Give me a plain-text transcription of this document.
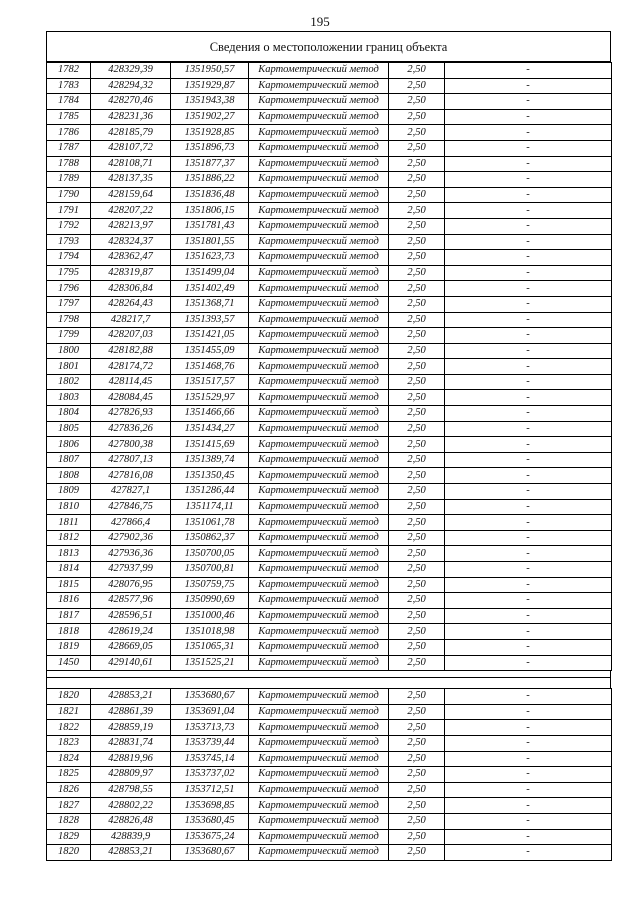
195
Сведения о местоположении границ объекта
1782	428329,39	1351950,57	Картометрический метод	2,50	-
1783	428294,32	1351929,87	Картометрический метод	2,50	-
1784	428270,46	1351943,38	Картометрический метод	2,50	-
1785	428231,36	1351902,27	Картометрический метод	2,50	-
1786	428185,79	1351928,85	Картометрический метод	2,50	-
1787	428107,72	1351896,73	Картометрический метод	2,50	-
1788	428108,71	1351877,37	Картометрический метод	2,50	-
1789	428137,35	1351886,22	Картометрический метод	2,50	-
1790	428159,64	1351836,48	Картометрический метод	2,50	-
1791	428207,22	1351806,15	Картометрический метод	2,50	-
1792	428213,97	1351781,43	Картометрический метод	2,50	-
1793	428324,37	1351801,55	Картометрический метод	2,50	-
1794	428362,47	1351623,73	Картометрический метод	2,50	-
1795	428319,87	1351499,04	Картометрический метод	2,50	-
1796	428306,84	1351402,49	Картометрический метод	2,50	-
1797	428264,43	1351368,71	Картометрический метод	2,50	-
1798	428217,7	1351393,57	Картометрический метод	2,50	-
1799	428207,03	1351421,05	Картометрический метод	2,50	-
1800	428182,88	1351455,09	Картометрический метод	2,50	-
1801	428174,72	1351468,76	Картометрический метод	2,50	-
1802	428114,45	1351517,57	Картометрический метод	2,50	-
1803	428084,45	1351529,97	Картометрический метод	2,50	-
1804	427826,93	1351466,66	Картометрический метод	2,50	-
1805	427836,26	1351434,27	Картометрический метод	2,50	-
1806	427800,38	1351415,69	Картометрический метод	2,50	-
1807	427807,13	1351389,74	Картометрический метод	2,50	-
1808	427816,08	1351350,45	Картометрический метод	2,50	-
1809	427827,1	1351286,44	Картометрический метод	2,50	-
1810	427846,75	1351174,11	Картометрический метод	2,50	-
1811	427866,4	1351061,78	Картометрический метод	2,50	-
1812	427902,36	1350862,37	Картометрический метод	2,50	-
1813	427936,36	1350700,05	Картометрический метод	2,50	-
1814	427937,99	1350700,81	Картометрический метод	2,50	-
1815	428076,95	1350759,75	Картометрический метод	2,50	-
1816	428577,96	1350990,69	Картометрический метод	2,50	-
1817	428596,51	1351000,46	Картометрический метод	2,50	-
1818	428619,24	1351018,98	Картометрический метод	2,50	-
1819	428669,05	1351065,31	Картометрический метод	2,50	-
1450	429140,61	1351525,21	Картометрический метод	2,50	-
1820	428853,21	1353680,67	Картометрический метод	2,50	-
1821	428861,39	1353691,04	Картометрический метод	2,50	-
1822	428859,19	1353713,73	Картометрический метод	2,50	-
1823	428831,74	1353739,44	Картометрический метод	2,50	-
1824	428819,96	1353745,14	Картометрический метод	2,50	-
1825	428809,97	1353737,02	Картометрический метод	2,50	-
1826	428798,55	1353712,51	Картометрический метод	2,50	-
1827	428802,22	1353698,85	Картометрический метод	2,50	-
1828	428826,48	1353680,45	Картометрический метод	2,50	-
1829	428839,9	1353675,24	Картометрический метод	2,50	-
1820	428853,21	1353680,67	Картометрический метод	2,50	-
